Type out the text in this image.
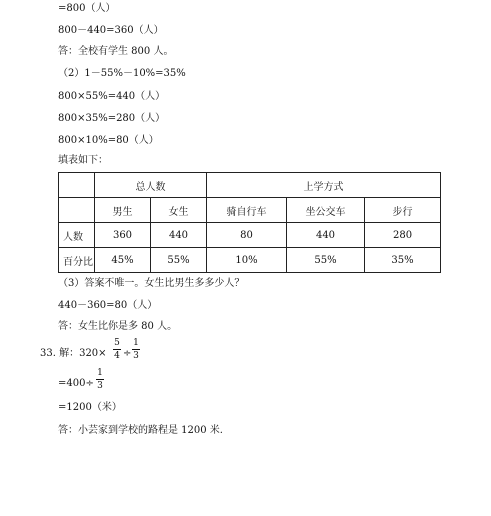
=800（人）
800－440=360（人）
答：全校有学生 800 人。
（2）1－55%－10%=35%
800×55%=440（人）
800×35%=280（人）
800×10%=80（人）
填表如下：
	总人数		上学方式		
	男生	女生	骑自行车	坐公交车	步行
人数	360	440	80	440	280
百分比	45%	55%	10%	55%	35%
（3）答案不唯一。女生比男生多多少人？
440－360=80（人）
答：女生比你是多 80 人。
33. 解：320×
5
4 ÷
1
3
=400÷
1
3
=1200（米）
答：小芸家到学校的路程是 1200 米.
